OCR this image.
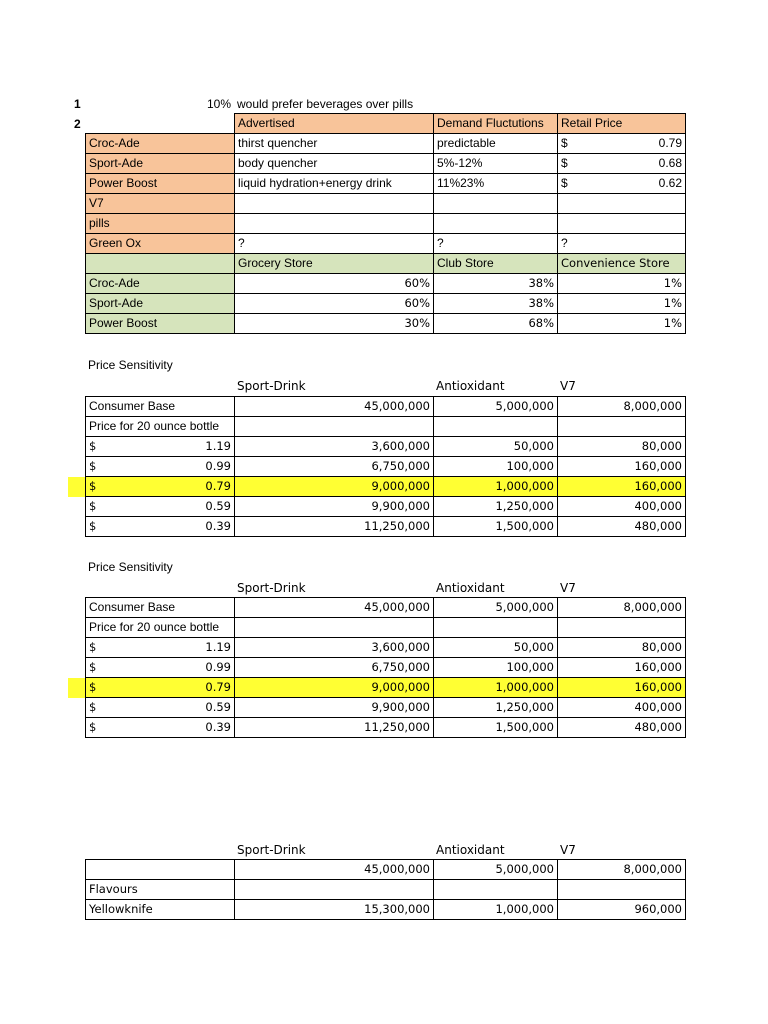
1
2
10% would prefer beverages over pills
	Advertised	Demand Fluctutions	Retail Price
Croc-Ade	thirst quencher	predictable	$ 0.79

Sport-Ade	body quencher	5%-12%	$ 0.68

Power Boost	liquid hydration+energy drink	11%23%	$ 0.62

V7			

pills			

Green Ox	?	?	?

	Grocery Store	Club Store	Convenience Store
Croc-Ade	60%	38%	1%
Sport-Ade	60%	38%	1%
Power Boost	30%	68%	1%
Price Sensitivity
Sport-Drink	Antioxidant	V7
Consumer Base	45,000,000	5,000,000	8,000,000
Price for 20 ounce bottle			

$ 1.19	3,600,000	50,000	80,000

$ 0.99	6,750,000	100,000	160,000

$ 0.79	9,000,000	1,000,000	160,000

$ 0.59	9,900,000	1,250,000	400,000

$ 0.39	11,250,000	1,500,000	480,000
Price Sensitivity
Sport-Drink	Antioxidant	V7
Consumer Base	45,000,000	5,000,000	8,000,000
Price for 20 ounce bottle			

$ 1.19	3,600,000	50,000	80,000

$ 0.99	6,750,000	100,000	160,000

$ 0.79	9,000,000	1,000,000	160,000

$ 0.59	9,900,000	1,250,000	400,000

$ 0.39	11,250,000	1,500,000	480,000
Sport-Drink	Antioxidant	V7
	45,000,000	5,000,000	8,000,000
Flavours			
Yellowknife	15,300,000	1,000,000	960,000
